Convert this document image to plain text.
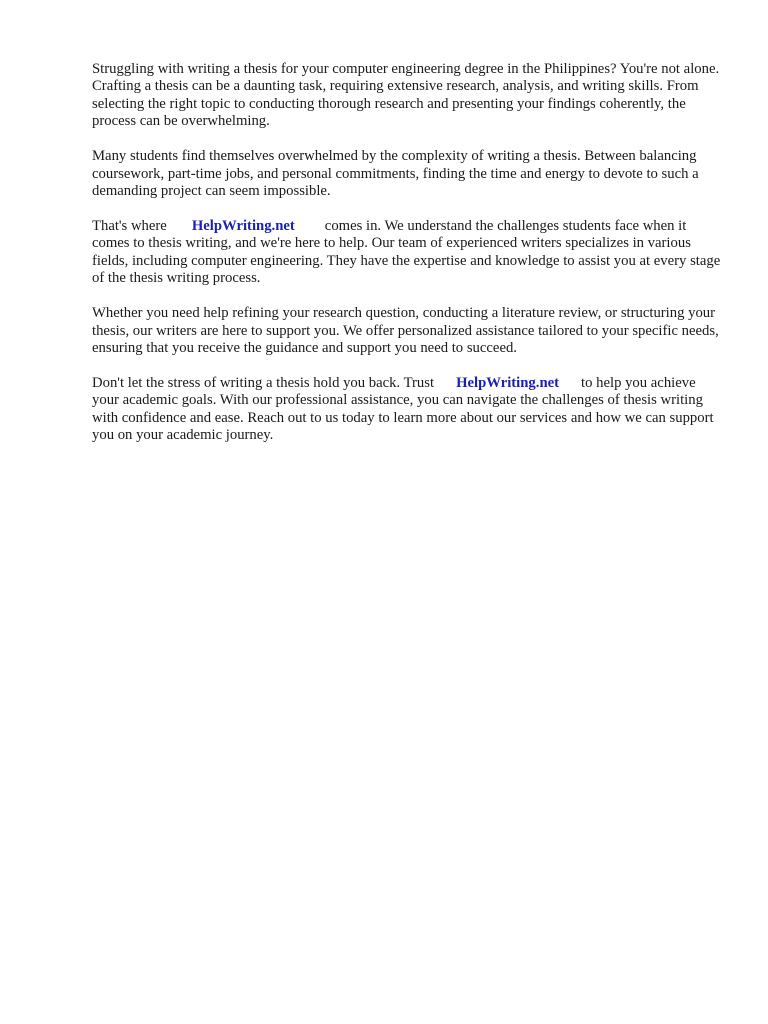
Struggling with writing a thesis for your computer engineering degree in the Philippines? You're not alone. Crafting a thesis can be a daunting task, requiring extensive research, analysis, and writing skills. From selecting the right topic to conducting thorough research and presenting your findings coherently, the process can be overwhelming.

Many students find themselves overwhelmed by the complexity of writing a thesis. Between balancing coursework, part-time jobs, and personal commitments, finding the time and energy to devote to such a demanding project can seem impossible.

That's where HelpWriting.net comes in. We understand the challenges students face when it comes to thesis writing, and we're here to help. Our team of experienced writers specializes in various fields, including computer engineering. They have the expertise and knowledge to assist you at every stage of the thesis writing process.

Whether you need help refining your research question, conducting a literature review, or structuring your thesis, our writers are here to support you. We offer personalized assistance tailored to your specific needs, ensuring that you receive the guidance and support you need to succeed.

Don't let the stress of writing a thesis hold you back. Trust HelpWriting.net to help you achieve your academic goals. With our professional assistance, you can navigate the challenges of thesis writing with confidence and ease. Reach out to us today to learn more about our services and how we can support you on your academic journey.
